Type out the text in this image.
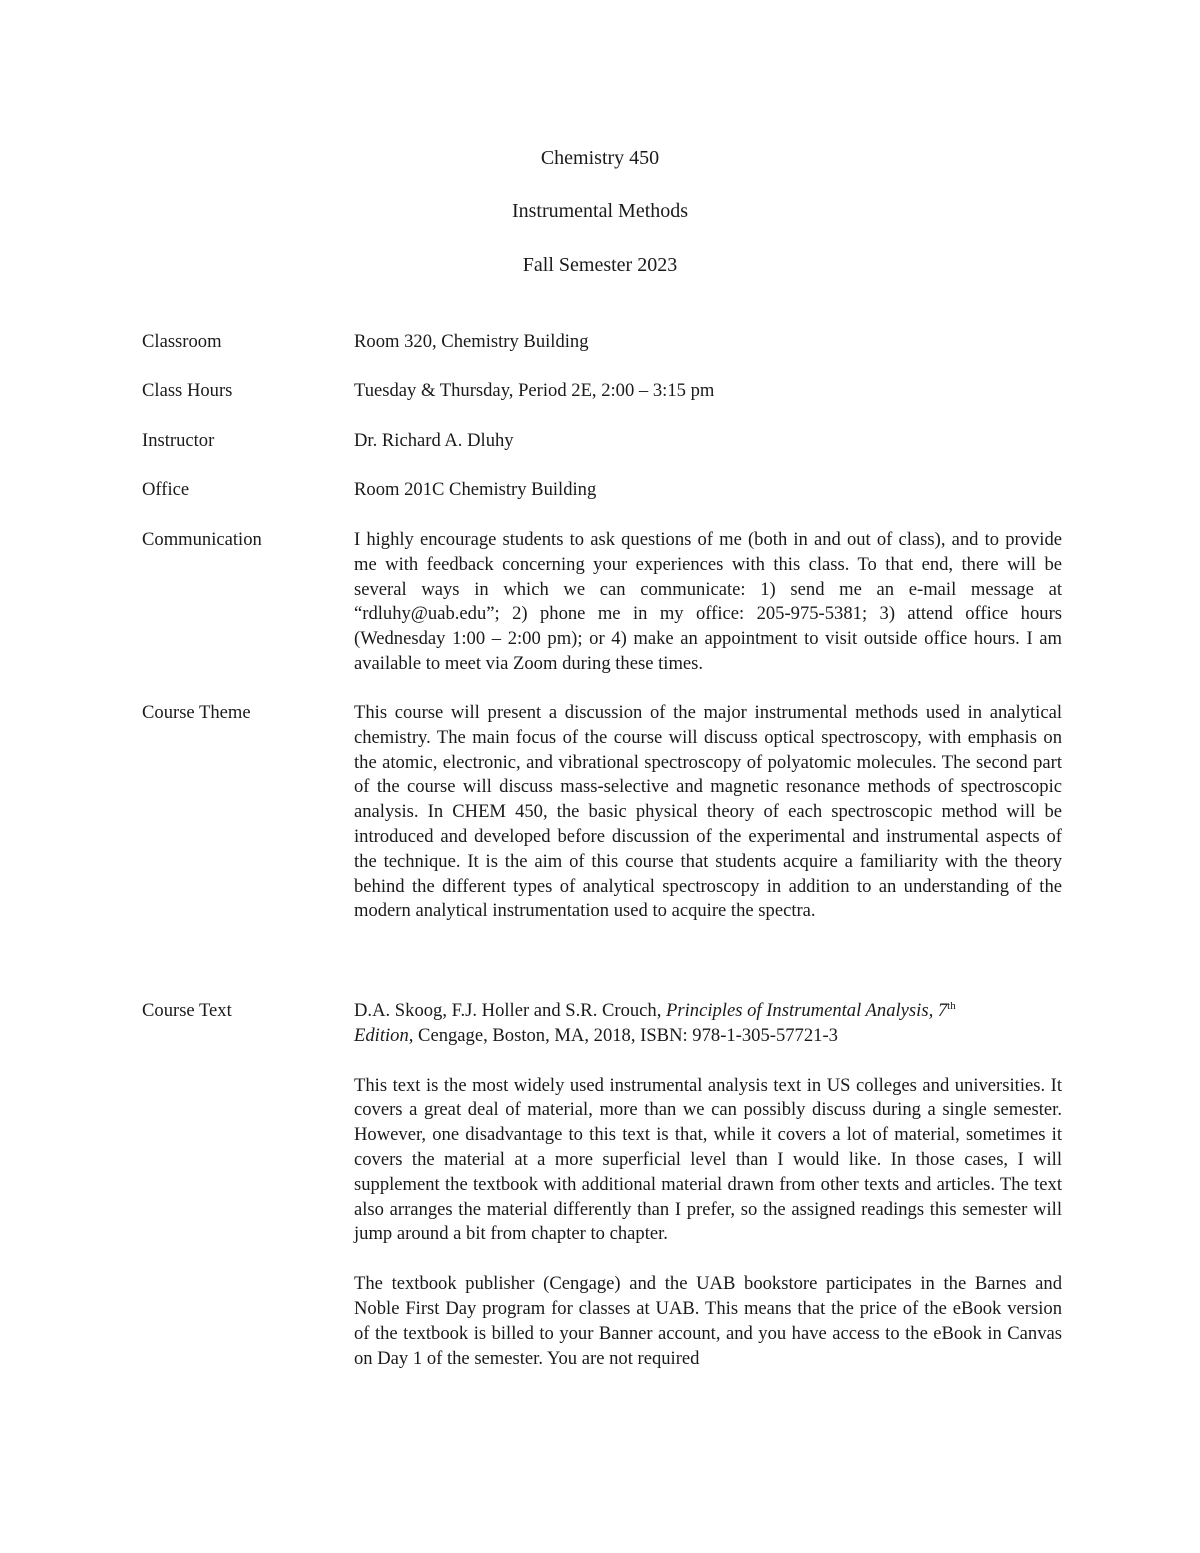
Chemistry 450
Instrumental Methods
Fall Semester 2023
Classroom	Room 320, Chemistry Building
Class Hours	Tuesday & Thursday, Period 2E, 2:00 – 3:15 pm
Instructor	Dr. Richard A. Dluhy
Office	Room 201C Chemistry Building
Communication	I highly encourage students to ask questions of me (both in and out of class), and to provide me with feedback concerning your experiences with this class. To that end, there will be several ways in which we can communicate: 1) send me an e-mail message at “rdluhy@uab.edu”; 2) phone me in my office: 205-975-5381; 3) attend office hours (Wednesday 1:00 – 2:00 pm); or 4) make an appointment to visit outside office hours. I am available to meet via Zoom during these times.
Course Theme	This course will present a discussion of the major instrumental methods used in analytical chemistry. The main focus of the course will discuss optical spectroscopy, with emphasis on the atomic, electronic, and vibrational spectroscopy of polyatomic molecules. The second part of the course will discuss mass-selective and magnetic resonance methods of spectroscopic analysis. In CHEM 450, the basic physical theory of each spectroscopic method will be introduced and developed before discussion of the experimental and instrumental aspects of the technique. It is the aim of this course that students acquire a familiarity with the theory behind the different types of analytical spectroscopy in addition to an understanding of the modern analytical instrumentation used to acquire the spectra.
Course Text	D.A. Skoog, F.J. Holler and S.R. Crouch, Principles of Instrumental Analysis, 7th
Edition, Cengage, Boston, MA, 2018, ISBN: 978-1-305-57721-3

This text is the most widely used instrumental analysis text in US colleges and universities. It covers a great deal of material, more than we can possibly discuss during a single semester. However, one disadvantage to this text is that, while it covers a lot of material, sometimes it covers the material at a more superficial level than I would like. In those cases, I will supplement the textbook with additional material drawn from other texts and articles. The text also arranges the material differently than I prefer, so the assigned readings this semester will jump around a bit from chapter to chapter.

The textbook publisher (Cengage) and the UAB bookstore participates in the Barnes and Noble First Day program for classes at UAB. This means that the price of the eBook version of the textbook is billed to your Banner account, and you have access to the eBook in Canvas on Day 1 of the semester. You are not required
